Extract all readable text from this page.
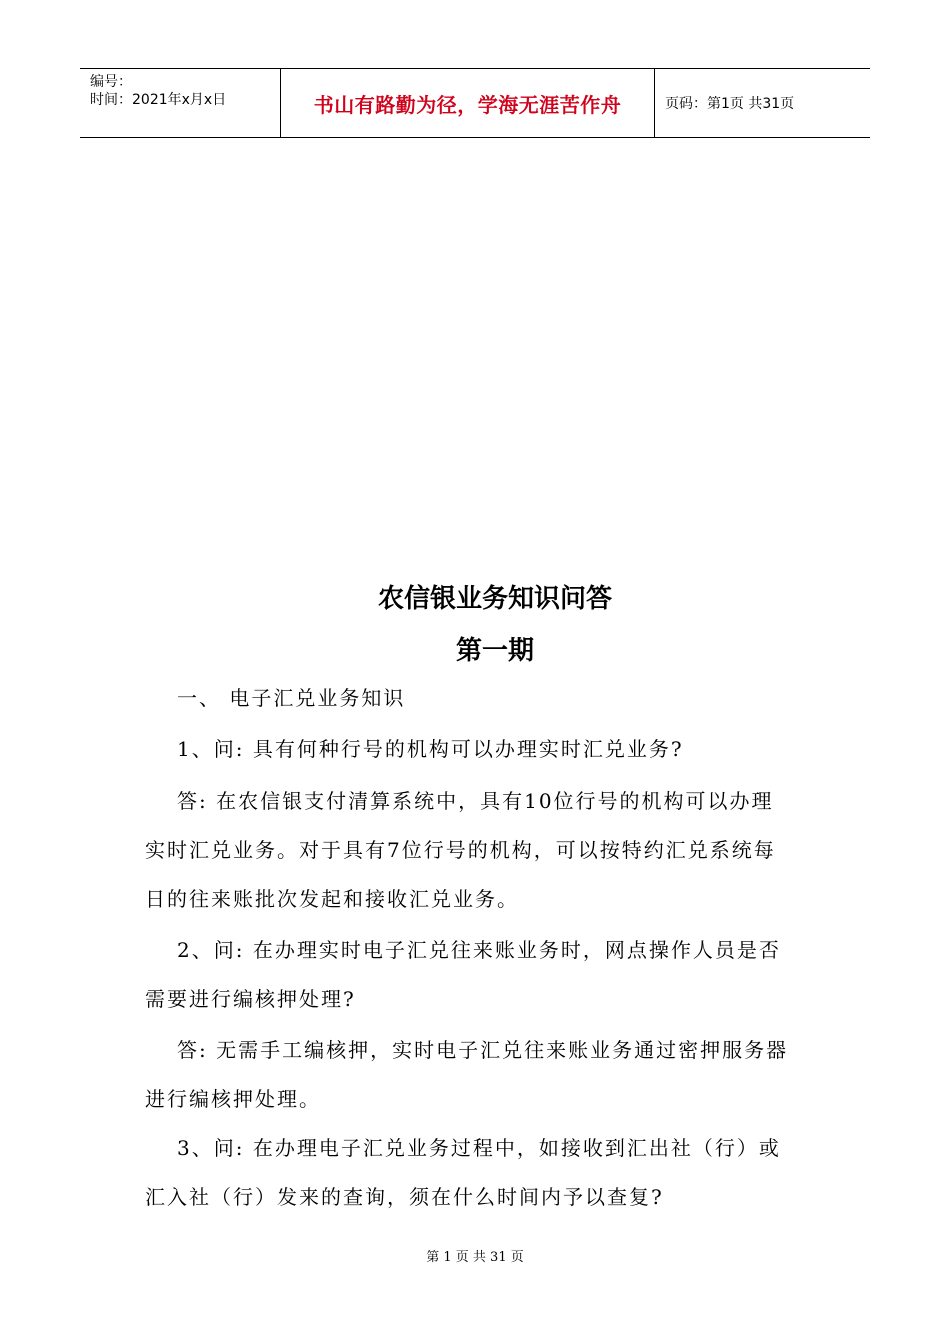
编号：
时间：2021年x月x日	书山有路勤为径，学海无涯苦作舟	页码：第1页 共31页
农信银业务知识问答
第一期
一、 电子汇兑业务知识
1、问: 具有何种行号的机构可以办理实时汇兑业务?
答: 在农信银支付清算系统中，具有10位行号的机构可以办理
实时汇兑业务。对于具有7位行号的机构，可以按特约汇兑系统每
日的往来账批次发起和接收汇兑业务。
2、问: 在办理实时电子汇兑往来账业务时，网点操作人员是否
需要进行编核押处理?
答: 无需手工编核押，实时电子汇兑往来账业务通过密押服务器
进行编核押处理。
3、问: 在办理电子汇兑业务过程中，如接收到汇出社（行）或
汇入社（行）发来的查询，须在什么时间内予以查复?
第 1 页 共 31 页
